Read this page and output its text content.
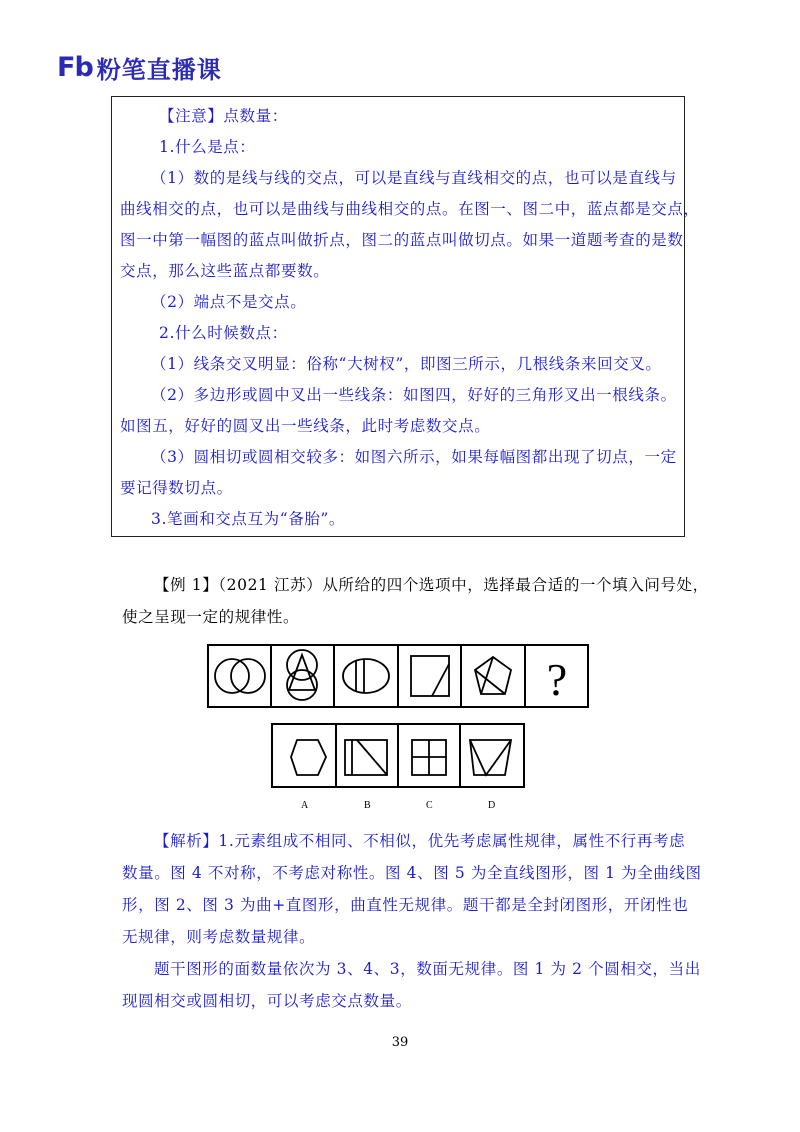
Fb 粉笔直播课
【注意】点数量：
1.什么是点：
（1）数的是线与线的交点，可以是直线与直线相交的点，也可以是直线与
曲线相交的点，也可以是曲线与曲线相交的点。在图一、图二中，蓝点都是交点，
图一中第一幅图的蓝点叫做折点，图二的蓝点叫做切点。如果一道题考查的是数
交点，那么这些蓝点都要数。
（2）端点不是交点。
2.什么时候数点：
（1）线条交叉明显：俗称“大树杈”，即图三所示，几根线条来回交叉。
（2）多边形或圆中叉出一些线条：如图四，好好的三角形叉出一根线条。
如图五，好好的圆叉出一些线条，此时考虑数交点。
（3）圆相切或圆相交较多：如图六所示，如果每幅图都出现了切点，一定
要记得数切点。
3.笔画和交点互为“备胎”。
【例 1】（2021 江苏）从所给的四个选项中，选择最合适的一个填入问号处，
使之呈现一定的规律性。
?
A	B	C	D
【解析】1.元素组成不相同、不相似，优先考虑属性规律，属性不行再考虑
数量。图 4 不对称，不考虑对称性。图 4、图 5 为全直线图形，图 1 为全曲线图
形，图 2、图 3 为曲+直图形，曲直性无规律。题干都是全封闭图形，开闭性也
无规律，则考虑数量规律。
题干图形的面数量依次为 3、4、3，数面无规律。图 1 为 2 个圆相交，当出
现圆相交或圆相切，可以考虑交点数量。
39
